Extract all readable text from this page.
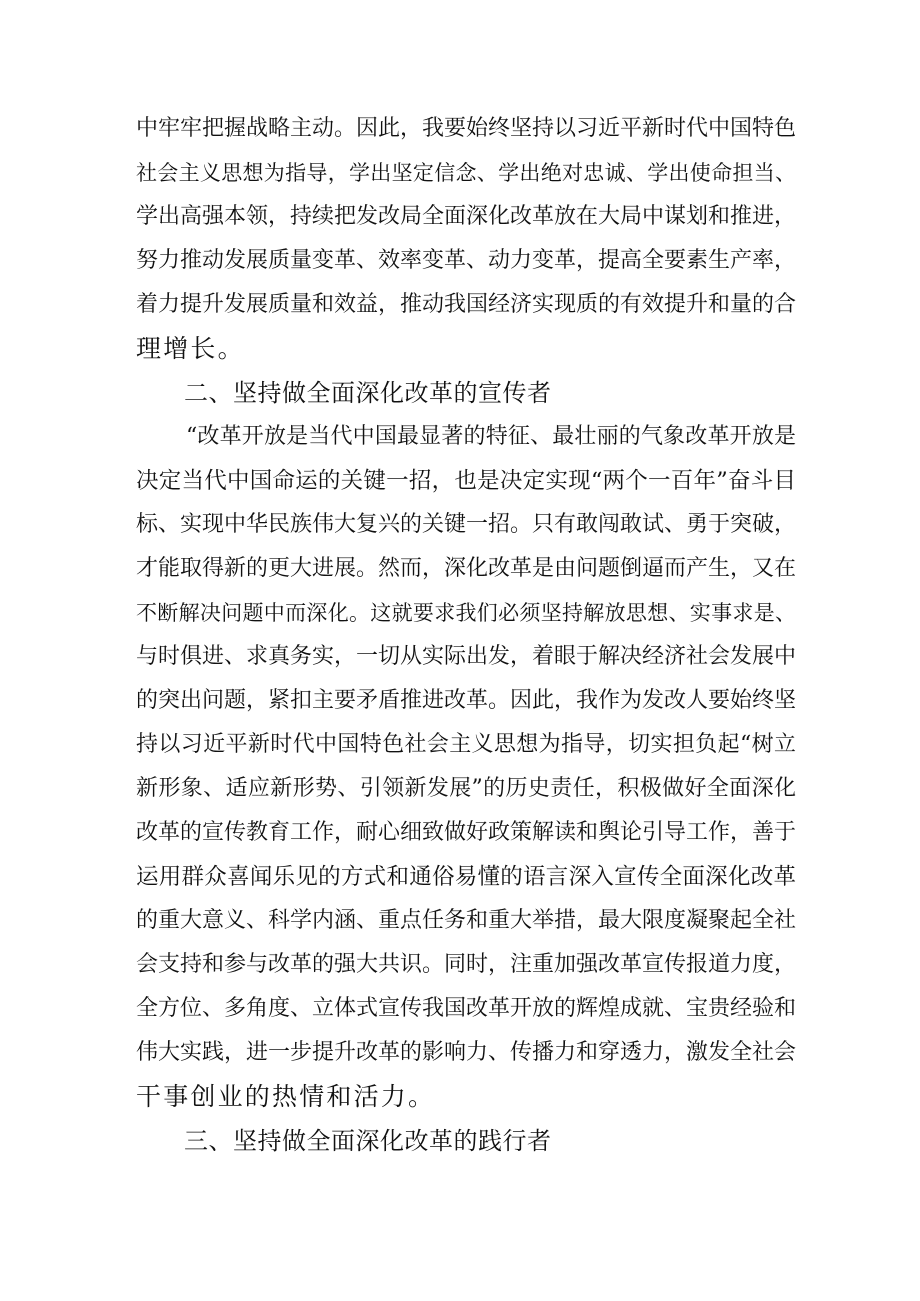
中牢牢把握战略主动。因此，我要始终坚持以习近平新时代中国特色
社会主义思想为指导，学出坚定信念、学出绝对忠诚、学出使命担当、
学出高强本领，持续把发改局全面深化改革放在大局中谋划和推进，
努力推动发展质量变革、效率变革、动力变革，提高全要素生产率，
着力提升发展质量和效益，推动我国经济实现质的有效提升和量的合
理增长。
二、坚持做全面深化改革的宣传者
“改革开放是当代中国最显著的特征、最壮丽的气象改革开放是
决定当代中国命运的关键一招，也是决定实现“两个一百年”奋斗目
标、实现中华民族伟大复兴的关键一招。只有敢闯敢试、勇于突破，
才能取得新的更大进展。然而，深化改革是由问题倒逼而产生，又在
不断解决问题中而深化。这就要求我们必须坚持解放思想、实事求是、
与时俱进、求真务实，一切从实际出发，着眼于解决经济社会发展中
的突出问题，紧扣主要矛盾推进改革。因此，我作为发改人要始终坚
持以习近平新时代中国特色社会主义思想为指导，切实担负起“树立
新形象、适应新形势、引领新发展”的历史责任，积极做好全面深化
改革的宣传教育工作，耐心细致做好政策解读和舆论引导工作，善于
运用群众喜闻乐见的方式和通俗易懂的语言深入宣传全面深化改革
的重大意义、科学内涵、重点任务和重大举措，最大限度凝聚起全社
会支持和参与改革的强大共识。同时，注重加强改革宣传报道力度，
全方位、多角度、立体式宣传我国改革开放的辉煌成就、宝贵经验和
伟大实践，进一步提升改革的影响力、传播力和穿透力，激发全社会
干事创业的热情和活力。
三、坚持做全面深化改革的践行者
